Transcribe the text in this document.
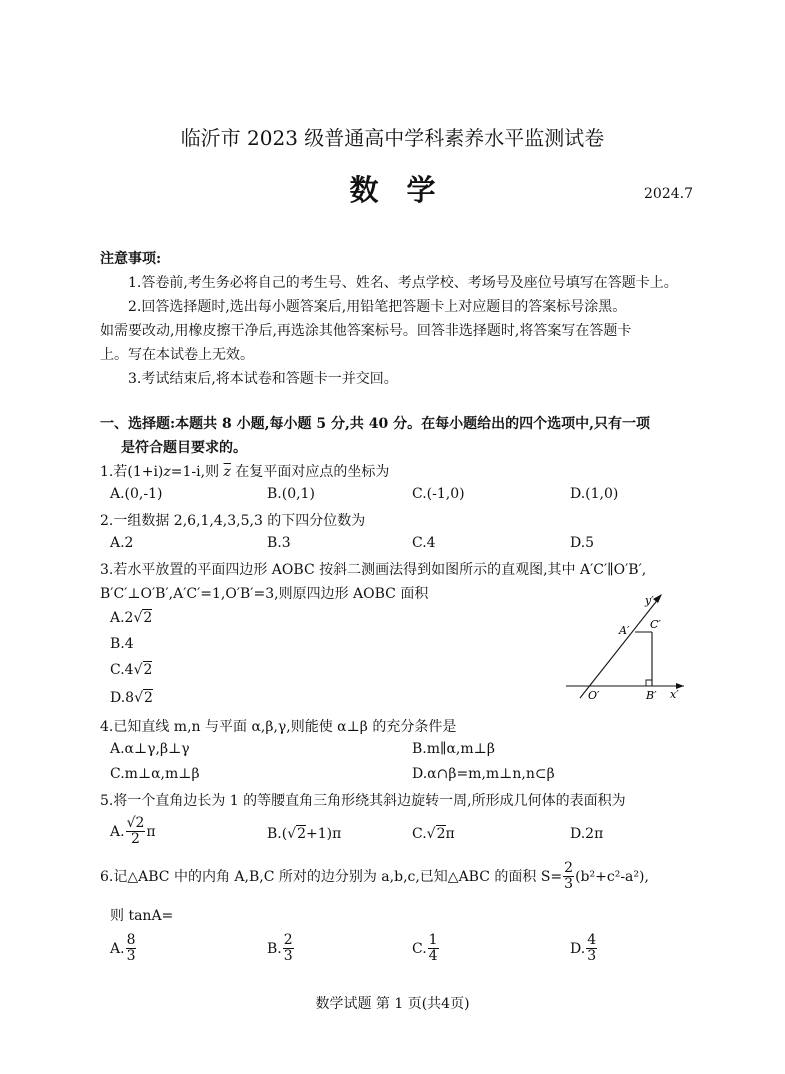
临沂市 2023 级普通高中学科素养水平监测试卷
数学	2024.7
注意事项:
1.答卷前,考生务必将自己的考生号、姓名、考点学校、考场号及座位号填写在答题卡上。
2.回答选择题时,选出每小题答案后,用铅笔把答题卡上对应题目的答案标号涂黑。
如需要改动,用橡皮擦干净后,再选涂其他答案标号。回答非选择题时,将答案写在答题卡
上。写在本试卷上无效。
3.考试结束后,将本试卷和答题卡一并交回。
一、选择题:本题共 8 小题,每小题 5 分,共 40 分。在每小题给出的四个选项中,只有一项
是符合题目要求的。
1.若(1+i)z=1-i,则 $\overline{z}$ 在复平面对应点的坐标为
A.(0,-1)	B.(0,1)	C.(-1,0)	D.(1,0)
2.一组数据 2,6,1,4,3,5,3 的下四分位数为
A.2	B.3	C.4	D.5
3.若水平放置的平面四边形 AOBC 按斜二测画法得到如图所示的直观图,其中 A′C′∥O′B′,
B′C′⊥O′B′,A′C′=1,O′B′=3,则原四边形 AOBC 面积
A.2√2
B.4
C.4√2
D.8√2
y′
A′ C′
O′	B′ x′
4.已知直线 m,n 与平面 α,β,γ,则能使 α⊥β 的充分条件是
A.α⊥γ,β⊥γ	B.m∥α,m⊥β
C.m⊥α,m⊥β	D.α∩β=m,m⊥n,n⊂β
5.将一个直角边长为 1 的等腰直角三角形绕其斜边旋转一周,所形成几何体的表面积为
A. $\frac{√2}{2}$ π	B.(√2+1)π	C.√2π	D.2π
6.记△ABC 中的内角 A,B,C 所对的边分别为 a,b,c,已知△ABC 的面积 $S= \frac{2}{3} (b^2+c^2-a^2)$,
则 tanA=
A. $\frac{8}{3}$	B. $\frac{2}{3}$	C. $\frac{1}{4}$	D. $\frac{4}{3}$
数学试题 第 1 页(共4页)
